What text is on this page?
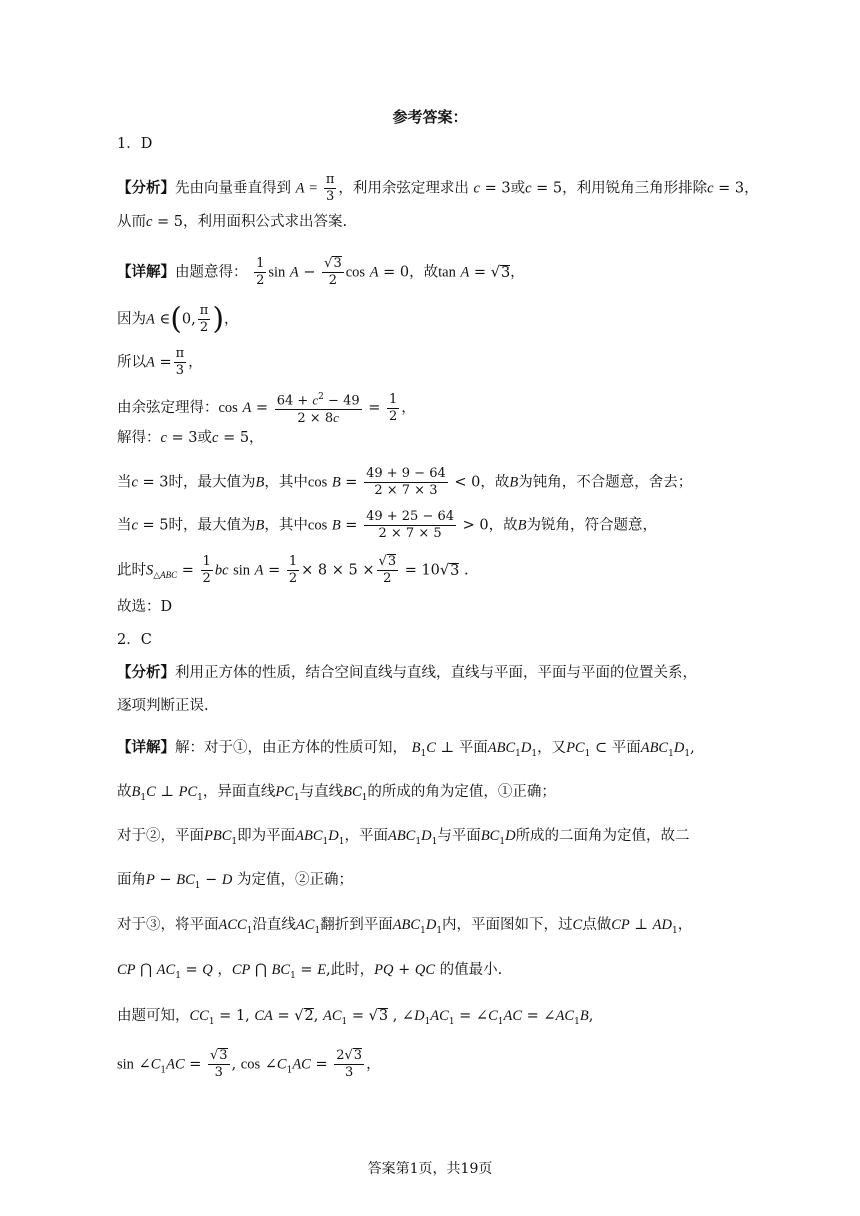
参考答案：
1．D
【分析】先由向量垂直得到 $A = \frac{\pi}{3}$ ，利用余弦定理求出 c = 3或c = 5，利用锐角三角形排除c = 3，
从而c = 5，利用面积公式求出答案.
【详解】由题意得： $\frac{1}{2}$ $\sin A - \frac{√3}{2}$ cos A = 0，故tan A = √3，
因为A ∈(0, $\frac{\pi}{2}$ )，
所以$A = \frac{\pi}{3}$ ，
由余弦定理得：$\cos A = \frac{64 + c^2 - 49}{2 \times 8c} = \frac{1}{2}$ ，
解得：c = 3或c = 5，
当c = 3时，最大值为B，其中$\cos B = \frac{49 + 9 - 64}{2 \times 7 \times 3} < 0$，故B为钝角，不合题意，舍去；
当c = 5时，最大值为B，其中$\cos B = \frac{49 + 25 - 64}{2 \times 7 \times 5} > 0$，故B为锐角，符合题意，
此时$S_{\triangle ABC} = \frac{1}{2}$ bc $\sin A = \frac{1}{2} \times 8 \times 5 \times \frac{√3}{2} = 10√3$ .
故选：D
2．C
【分析】利用正方体的性质，结合空间直线与直线，直线与平面，平面与平面的位置关系，
逐项判断正误.
【详解】解：对于①，由正方体的性质可知， $B_1C$ ⊥ 平面$ABC_1D_1$，又$PC_1$ ⊂ 平面$ABC_1D_1$,
故$B_1C$ ⊥ $PC_1$，异面直线$PC_1$与直线$BC_1$的所成的角为定值，①正确；
对于②，平面$PBC_1$即为平面$ABC_1D_1$，平面$ABC_1D_1$与平面$BC_1D$所成的二面角为定值，故二
面角$P - BC_1 - D$ 为定值，②正确；
对于③，将平面$ACC_1$沿直线$AC_1$翻折到平面$ABC_1D_1$内，平面图如下，过C点做CP ⊥ $AD_1$，
CP ⋂ $AC_1 = Q$ ，CP ⋂ $BC_1 = E$,此时，PQ + QC 的值最小.
由题可知，$CC_1 = 1$, CA = √2, $AC_1 = √3$ , $\angle D_1AC_1$ = $\angle C_1AC$ = $\angle AC_1B$,
$\sin \angle C_1AC = \frac{√3}{3}$ , $\cos \angle C_1AC = \frac{2√3}{3}$ ，
答案第1页，共19页
